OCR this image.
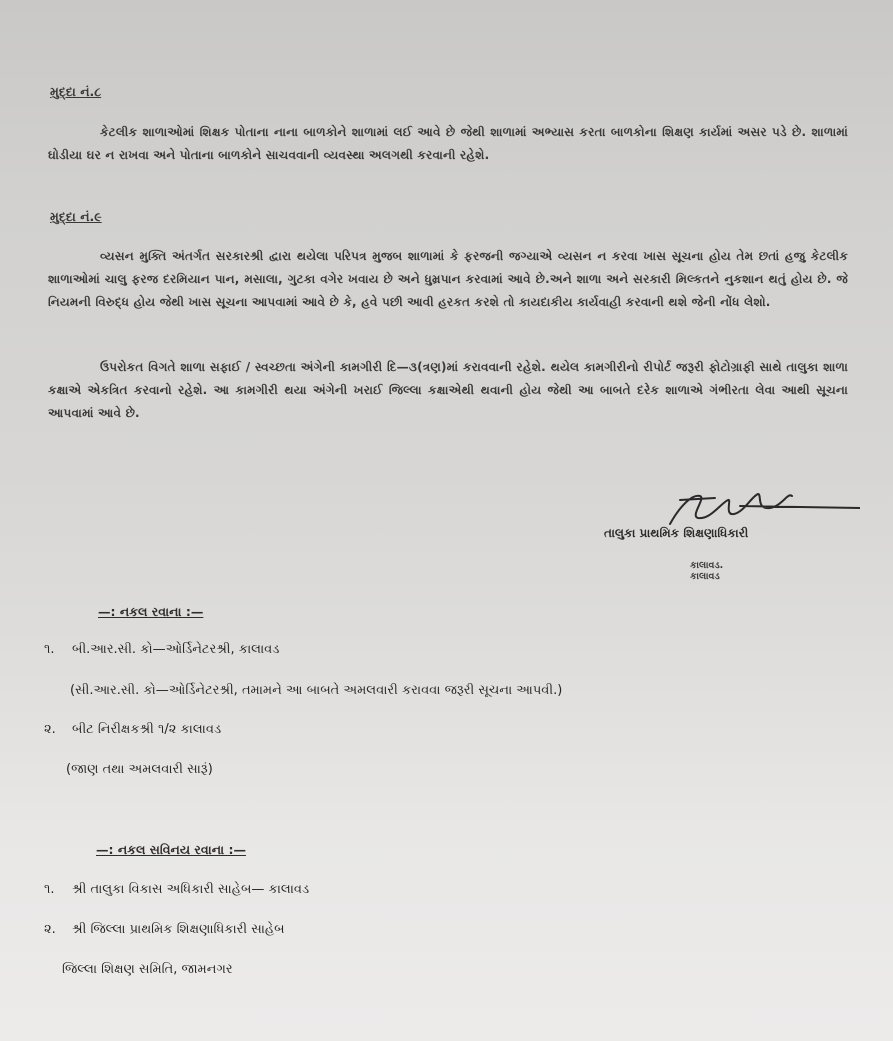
મુદ્દા નં.૮
કેટલીક શાળાઓમાં શિક્ષક પોતાના નાના બાળકોને શાળામાં લઈ આવે છે જેથી શાળામાં અભ્યાસ કરતા બાળકોના શિક્ષણ કાર્યમાં અસર પડે છે. શાળામાં ઘોડીયા ઘર ન રાખવા અને પોતાના બાળકોને સાચવવાની વ્યવસ્થા અલગથી કરવાની રહેશે.
મુદ્દા નં.૯
વ્યસન મુક્તિ અંતર્ગત સરકારશ્રી દ્વારા થયેલા પરિપત્ર મુજબ શાળામાં કે ફરજની જગ્યાએ વ્યસન ન કરવા ખાસ સૂચના હોય તેમ છતાં હજુ કેટલીક શાળાઓમાં ચાલુ ફરજ દરમિયાન પાન, મસાલા, ગુટકા વગેર ખવાય છે અને ધુમ્રપાન કરવામાં આવે છે.અને શાળા અને સરકારી મિલ્કતને નુકશાન થતું હોય છે. જે નિયમની વિરુદ્ધ હોય જેથી ખાસ સૂચના આપવામાં આવે છે કે, હવે પછી આવી હરકત કરશે તો કાયદાકીય કાર્યવાહી કરવાની થશે જેની નોંધ લેશો.
ઉપરોકત વિગતે શાળા સફાઈ / સ્વચ્છતા અંગેની કામગીરી દિ—૩(ત્રણ)માં કરાવવાની રહેશે. થયેલ કામગીરીનો રીપોર્ટ જરૂરી ફોટોગ્રાફી સાથે તાલુકા શાળા કક્ષાએ એકત્રિત કરવાનો રહેશે. આ કામગીરી થયા અંગેની ખરાઈ જિલ્લા કક્ષાએથી થવાની હોય જેથી આ બાબતે દરેક શાળાએ ગંભીરતા લેવા આથી સૂચના આપવામાં આવે છે.
તાલુકા પ્રાથમિક શિક્ષણાધિકારી
કાલાવડ.
કાલાવડ
—: નકલ રવાના :—
૧. બી.આર.સી. કો—ઓર્ડિનેટરશ્રી, કાલાવડ
(સી.આર.સી. કો—ઓર્ડિનેટરશ્રી, તમામને આ બાબતે અમલવારી કરાવવા જરૂરી સૂચના આપવી.)
૨. બીટ નિરીક્ષકશ્રી ૧/૨ કાલાવડ
(જાણ તથા અમલવારી સારૂં)
—: નકલ સવિનય રવાના :—
૧. શ્રી તાલુકા વિકાસ અધિકારી સાહેબ— કાલાવડ
૨. શ્રી જિલ્લા પ્રાથમિક શિક્ષણાધિકારી સાહેબ
જિલ્લા શિક્ષણ સમિતિ, જામનગર
